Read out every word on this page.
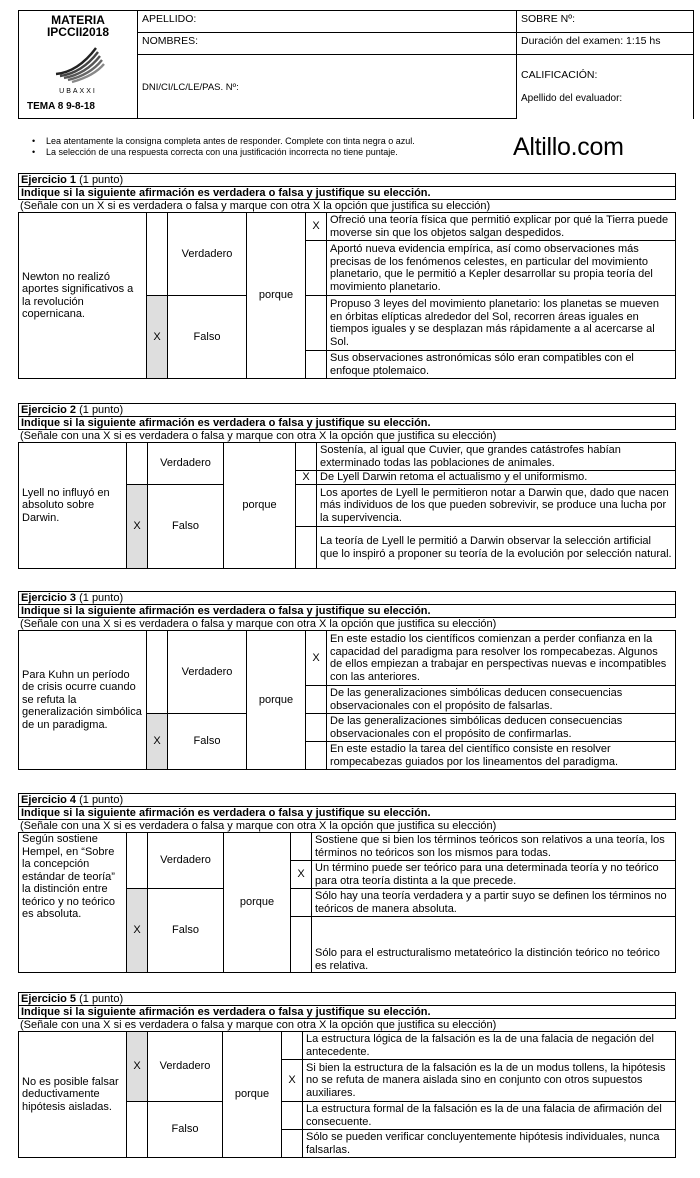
MATERIA
IPCCII2018
UBAXXI
TEMA 8 9-8-18	APELLIDO:	SOBRE Nº:
	NOMBRES:	Duración del examen: 1:15 hs
	DNI/CI/LC/LE/PAS. Nº:	CALIFICACIÓN:
Apellido del evaluador:
• Lea atentamente la consigna completa antes de responder. Complete con tinta negra o azul.
• La selección de una respuesta correcta con una justificación incorrecta no tiene puntaje.	Altillo.com
Ejercicio 1 (1 punto)
Indique si la siguiente afirmación es verdadera o falsa y justifique su elección.
(Señale con un X si es verdadera o falsa y marque con otra X la opción que justifica su elección)
Newton no realizó aportes significativos a la revolución copernicana.		Verdadero	porque	X	Ofreció una teoría física que permitió explicar por qué la Tierra puede moverse sin que los objetos salgan despedidos.
					Aportó nueva evidencia empírica, así como observaciones más precisas de los fenómenos celestes, en particular del movimiento planetario, que le permitió a Kepler desarrollar su propia teoría del movimiento planetario.
	X	Falso			Propuso 3 leyes del movimiento planetario: los planetas se mueven en órbitas elípticas alrededor del Sol, recorren áreas iguales en tiempos iguales y se desplazan más rápidamente a al acercarse al Sol.
					Sus observaciones astronómicas sólo eran compatibles con el enfoque ptolemaico.
Ejercicio 2 (1 punto)
Indique si la siguiente afirmación es verdadera o falsa y justifique su elección.
(Señale con una X si es verdadera o falsa y marque con otra X la opción que justifica su elección)
Lyell no influyó en absoluto sobre Darwin.		Verdadero	porque		Sostenía, al igual que Cuvier, que grandes catástrofes habían exterminado todas las poblaciones de animales.
				X	De Lyell Darwin retoma el actualismo y el uniformismo.
	X	Falso			Los aportes de Lyell le permitieron notar a Darwin que, dado que nacen más individuos de los que pueden sobrevivir, se produce una lucha por la supervivencia.
					La teoría de Lyell le permitió a Darwin observar la selección artificial que lo inspiró a proponer su teoría de la evolución por selección natural.
Ejercicio 3 (1 punto)
Indique si la siguiente afirmación es verdadera o falsa y justifique su elección.
(Señale con una X si es verdadera o falsa y marque con otra X la opción que justifica su elección)
Para Kuhn un período de crisis ocurre cuando se refuta la generalización simbólica de un paradigma.		Verdadero	porque	X	En este estadio los científicos comienzan a perder confianza en la capacidad del paradigma para resolver los rompecabezas. Algunos de ellos empiezan a trabajar en perspectivas nuevas e incompatibles con las anteriores.
					De las generalizaciones simbólicas deducen consecuencias observacionales con el propósito de falsarlas.
	X	Falso			De las generalizaciones simbólicas deducen consecuencias observacionales con el propósito de confirmarlas.
					En este estadio la tarea del científico consiste en resolver rompecabezas guiados por los lineamentos del paradigma.
Ejercicio 4 (1 punto)
Indique si la siguiente afirmación es verdadera o falsa y justifique su elección.
(Señale con una X si es verdadera o falsa y marque con otra X la opción que justifica su elección)
Según sostiene Hempel, en “Sobre la concepción estándar de teoría” la distinción entre teórico y no teórico es absoluta.		Verdadero	porque		Sostiene que si bien los términos teóricos son relativos a una teoría, los términos no teóricos son los mismos para todas.
				X	Un término puede ser teórico para una determinada teoría y no teórico para otra teoría distinta a la que precede.
	X	Falso			Sólo hay una teoría verdadera y a partir suyo se definen los términos no teóricos de manera absoluta.
					Sólo para el estructuralismo metateórico la distinción teórico no teórico es relativa.
Ejercicio 5 (1 punto)
Indique si la siguiente afirmación es verdadera o falsa y justifique su elección.
(Señale con una X si es verdadera o falsa y marque con otra X la opción que justifica su elección)
No es posible falsar deductivamente hipótesis aisladas.	X	Verdadero	porque		La estructura lógica de la falsación es la de una falacia de negación del antecedente.
				X	Si bien la estructura de la falsación es la de un modus tollens, la hipótesis no se refuta de manera aislada sino en conjunto con otros supuestos auxiliares.
		Falso			La estructura formal de la falsación es la de una falacia de afirmación del consecuente.
					Sólo se pueden verificar concluyentemente hipótesis individuales, nunca falsarlas.
